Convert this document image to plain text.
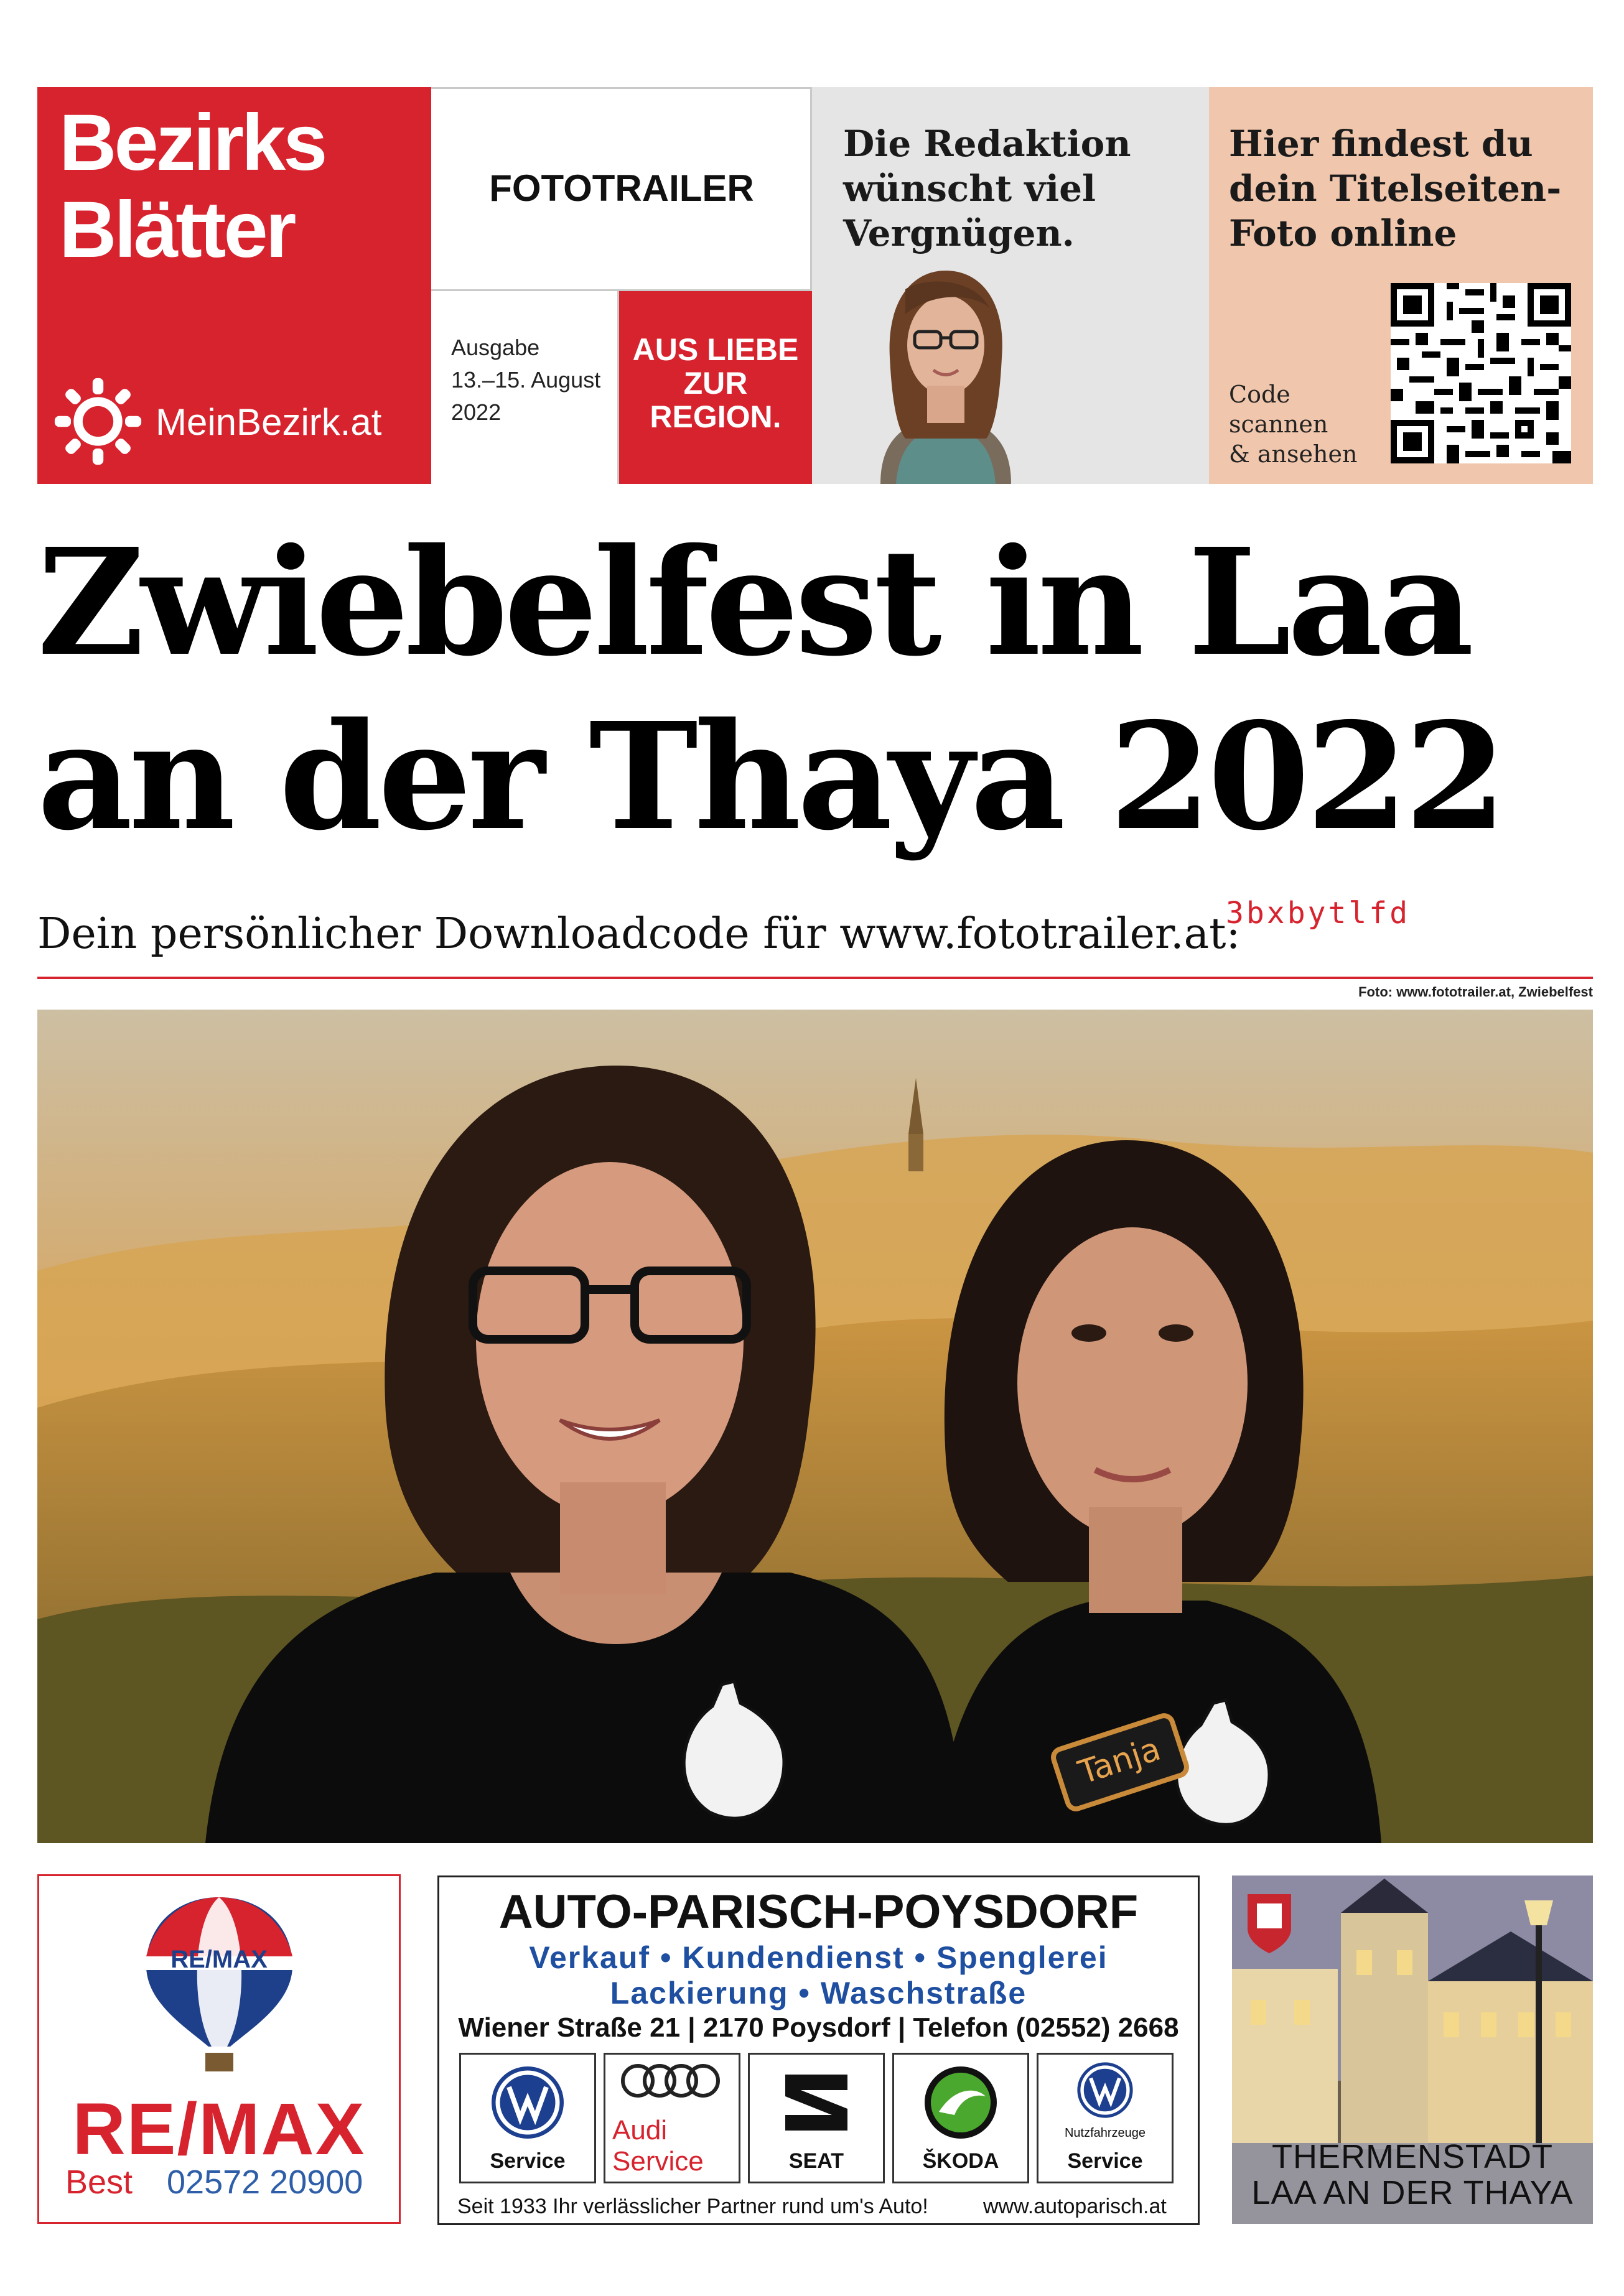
Bezirks
Blätter
MeinBezirk.at
FOTOTRAILER
Ausgabe
13.–15. August
2022
AUS LIEBE
ZUR
REGION.
Die Redaktion
wünscht viel
Vergnügen.
Hier findest du
dein Titelseiten-
Foto online
Code
scannen
& ansehen
Zwiebelfest in Laa
an der Thaya 2022
Dein persönlicher Downloadcode für www.fototrailer.at:
3bxbytlfd
Foto: www.fototrailer.at, Zwiebelfest
Tanja
RE/MAX
RE/MAX
Best 02572 20900
AUTO-PARISCH-POYSDORF
Verkauf • Kundendienst • Spenglerei
Lackierung • Waschstraße
Wiener Straße 21 | 2170 Poysdorf | Telefon (02552) 2668
Service
Audi Service	SEAT	ŠKODA
Nutzfahrzeuge
Service
Seit 1933 Ihr verlässlicher Partner rund um's Auto!	www.autoparisch.at
THERMENSTADT
LAA AN DER THAYA
